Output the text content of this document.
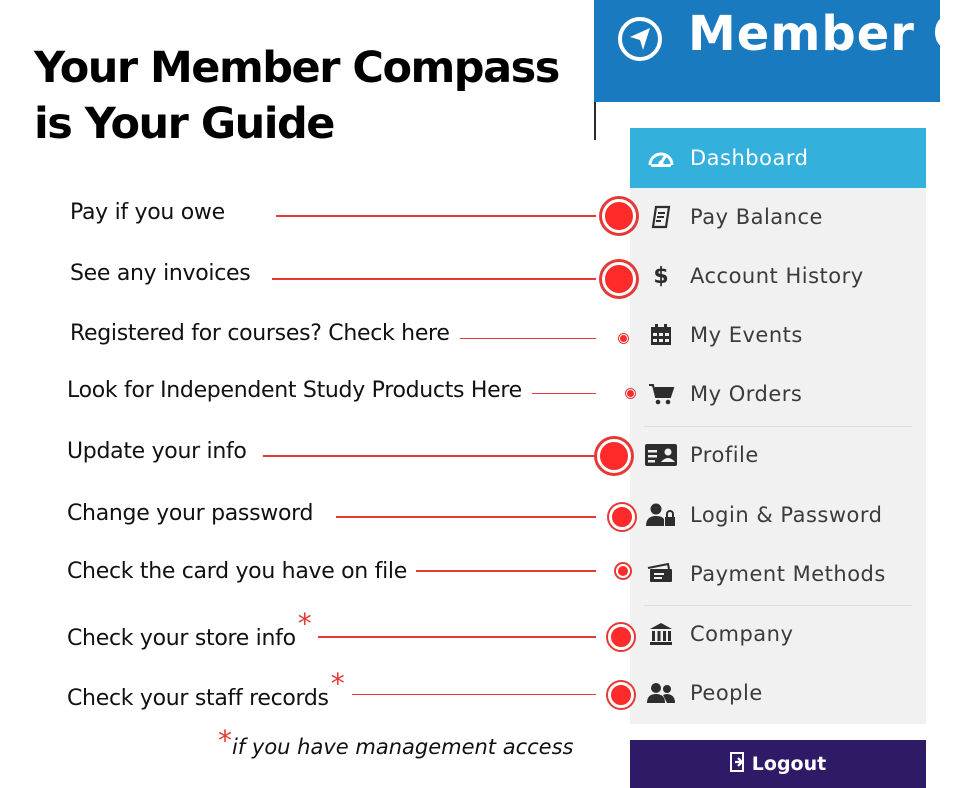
Your Member Compass
is Your Guide
Pay if you owe
See any invoices
Registered for courses? Check here
Look for Independent Study Products Here
Update your info
Change your password
Check the card you have on file
Check your store info*
Check your staff records*
*if you have management access
Member C
Dashboard
Pay Balance
$	Account History
My Events
My Orders
Profile
Login & Password
Payment Methods
Company
People
Logout
